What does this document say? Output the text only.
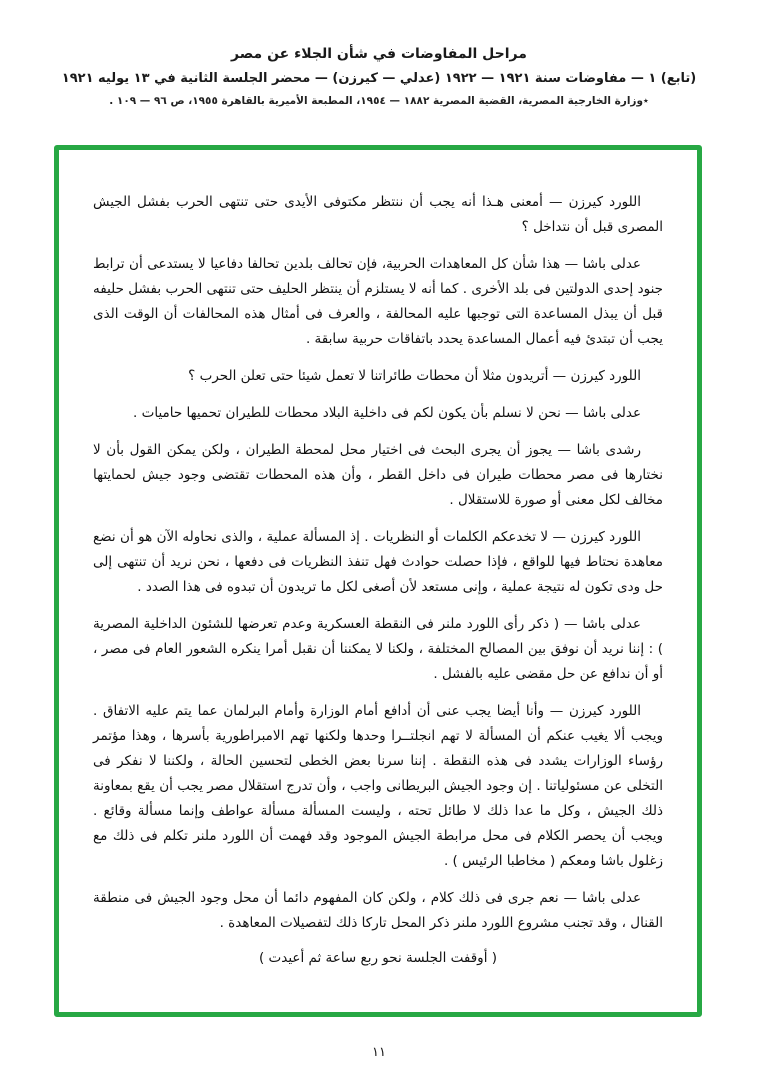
مراحل المفاوضات في شأن الجلاء عن مصر
(تابع) ١ — مفاوضات سنة ١٩٢١ — ١٩٢٢ (عدلي — كيرزن) — محضر الجلسة الثانية في ١٣ يوليه ١٩٢١
٭وزارة الخارجية المصرية، القضية المصرية ١٨٨٢ — ١٩٥٤، المطبعة الأميرية بالقاهرة ١٩٥٥، ص ٩٦ — ١٠٩ .

اللورد كيرزن — أمعنى هـذا أنه يجب أن ننتظر مكتوفى الأيدى حتى تنتهى الحرب بفشل الجيش المصرى قبل أن نتداخل ؟

عدلى باشا — هذا شأن كل المعاهدات الحربية، فإن تحالف بلدين تحالفا دفاعيا لا يستدعى أن ترابط جنود إحدى الدولتين فى بلد الأخرى . كما أنه لا يستلزم أن ينتظر الحليف حتى تنتهى الحرب بفشل حليفه قبل أن يبذل المساعدة التى توجبها عليه المحالفة ، والعرف فى أمثال هذه المحالفات أن الوقت الذى يجب أن تبتدئ فيه أعمال المساعدة يحدد باتفاقات حربية سابقة .

اللورد كيرزن — أتريدون مثلا أن محطات طائراتنا لا تعمل شيئا حتى تعلن الحرب ؟

عدلى باشا — نحن لا نسلم بأن يكون لكم فى داخلية البلاد محطات للطيران تحميها حاميات .

رشدى باشا — يجوز أن يجرى البحث فى اختيار محل لمحطة الطيران ، ولكن يمكن القول بأن لا نختارها فى مصر محطات طيران فى داخل القطر ، وأن هذه المحطات تقتضى وجود جيش لحمايتها مخالف لكل معنى أو صورة للاستقلال .

اللورد كيرزن — لا تخدعكم الكلمات أو النظريات . إذ المسألة عملية ، والذى نحاوله الآن هو أن نضع معاهدة نحتاط فيها للواقع ، فإذا حصلت حوادث فهل تنفذ النظريات فى دفعها ، نحن نريد أن تنتهى إلى حل ودى تكون له نتيجة عملية ، وإنى مستعد لأن أصغى لكل ما تريدون أن تبدوه فى هذا الصدد .

عدلى باشا — ( ذكر رأى اللورد ملنر فى النقطة العسكرية وعدم تعرضها للشئون الداخلية المصرية ) : إننا نريد أن نوفق بين المصالح المختلفة ، ولكنا لا يمكننا أن نقبل أمرا ينكره الشعور العام فى مصر ، أو أن ندافع عن حل مقضى عليه بالفشل .

اللورد كيرزن — وأنا أيضا يجب عنى أن أدافع أمام الوزارة وأمام البرلمان عما يتم عليه الاتفاق . ويجب ألا يغيب عنكم أن المسألة لا تهم انجلتــرا وحدها ولكنها تهم الامبراطورية بأسرها ، وهذا مؤتمر رؤساء الوزارات يشدد فى هذه النقطة . إننا سرنا بعض الخطى لتحسين الحالة ، ولكننا لا نفكر فى التخلى عن مسئولياتنا . إن وجود الجيش البريطانى واجب ، وأن تدرج استقلال مصر يجب أن يقع بمعاونة ذلك الجيش ، وكل ما عدا ذلك لا طائل تحته ، وليست المسألة مسألة عواطف وإنما مسألة وقائع . ويجب أن يحصر الكلام فى محل مرابطة الجيش الموجود وقد فهمت أن اللورد ملنر تكلم فى ذلك مع زغلول باشا ومعكم ( مخاطبا الرئيس ) .

عدلى باشا — نعم جرى فى ذلك كلام ، ولكن كان المفهوم دائما أن محل وجود الجيش فى منطقة القنال ، وقد تجنب مشروع اللورد ملنر ذكر المحل تاركا ذلك لتفصيلات المعاهدة .

( أوقفت الجلسة نحو ربع ساعة ثم أعيدت )
١١
